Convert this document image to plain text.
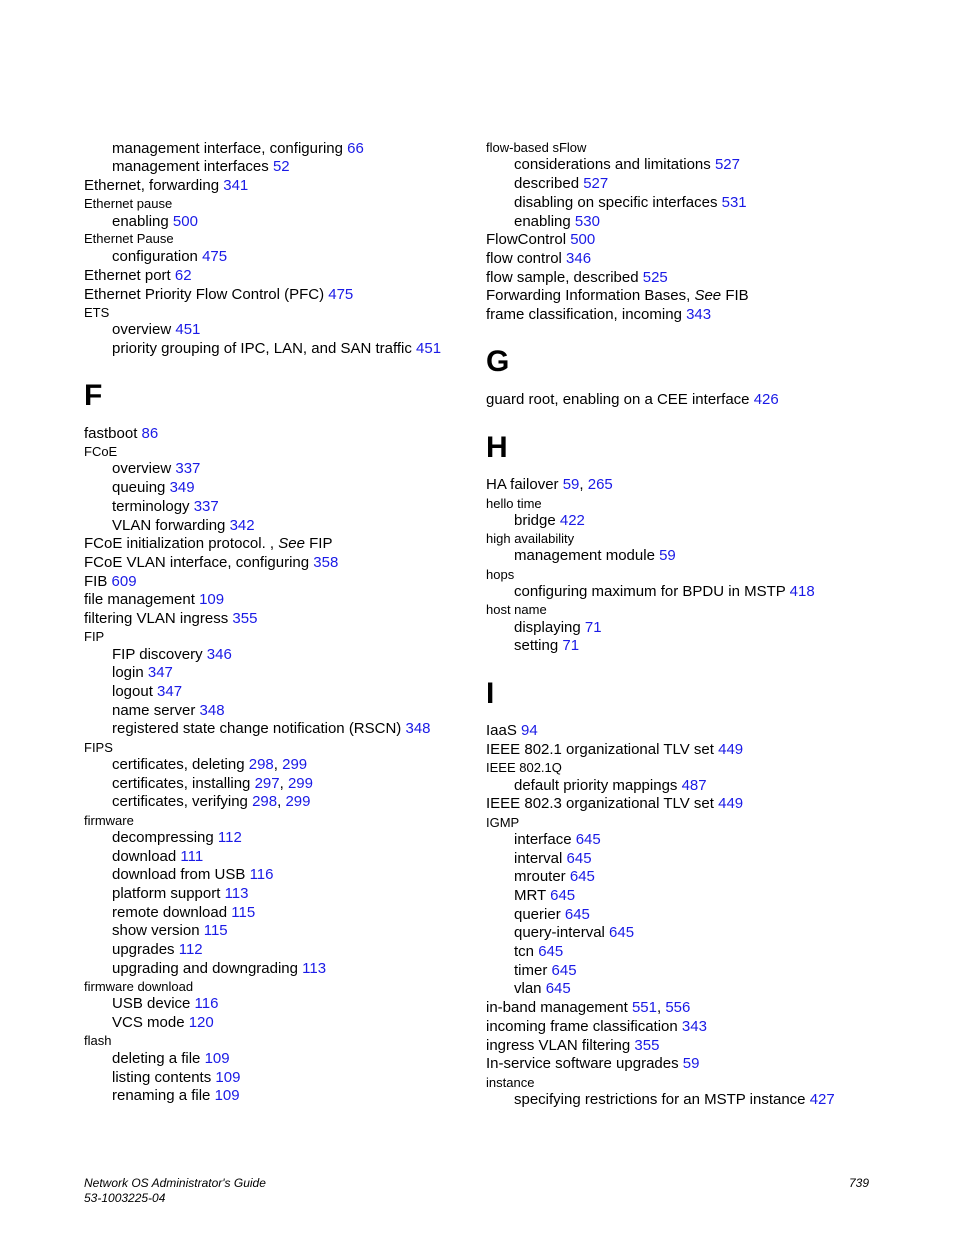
management interface, configuring 66
management interfaces 52
Ethernet, forwarding 341
Ethernet pause
enabling 500
Ethernet Pause
configuration 475
Ethernet port 62
Ethernet Priority Flow Control (PFC) 475
ETS
overview 451
priority grouping of IPC, LAN, and SAN traffic 451
F
fastboot 86
FCoE
overview 337
queuing 349
terminology 337
VLAN forwarding 342
FCoE initialization protocol. , See FIP
FCoE VLAN interface, configuring 358
FIB 609
file management 109
filtering VLAN ingress 355
FIP
FIP discovery 346
login 347
logout 347
name server 348
registered state change notification (RSCN) 348
FIPS
certificates, deleting 298, 299
certificates, installing 297, 299
certificates, verifying 298, 299
firmware
decompressing 112
download 111
download from USB 116
platform support 113
remote download 115
show version 115
upgrades 112
upgrading and downgrading 113
firmware download
USB device 116
VCS mode 120
flash
deleting a file 109
listing contents 109
renaming a file 109
flow-based sFlow
considerations and limitations 527
described 527
disabling on specific interfaces 531
enabling 530
FlowControl 500
flow control 346
flow sample, described 525
Forwarding Information Bases, See FIB
frame classification, incoming 343
G
guard root, enabling on a CEE interface 426
H
HA failover 59, 265
hello time
bridge 422
high availability
management module 59
hops
configuring maximum for BPDU in MSTP 418
host name
displaying 71
setting 71
I
IaaS 94
IEEE 802.1 organizational TLV set 449
IEEE 802.1Q
default priority mappings 487
IEEE 802.3 organizational TLV set 449
IGMP
interface 645
interval 645
mrouter 645
MRT 645
querier 645
query-interval 645
tcn 645
timer 645
vlan 645
in-band management 551, 556
incoming frame classification 343
ingress VLAN filtering 355
In-service software upgrades 59
instance
specifying restrictions for an MSTP instance 427
Network OS Administrator's Guide
53-1003225-04
739
